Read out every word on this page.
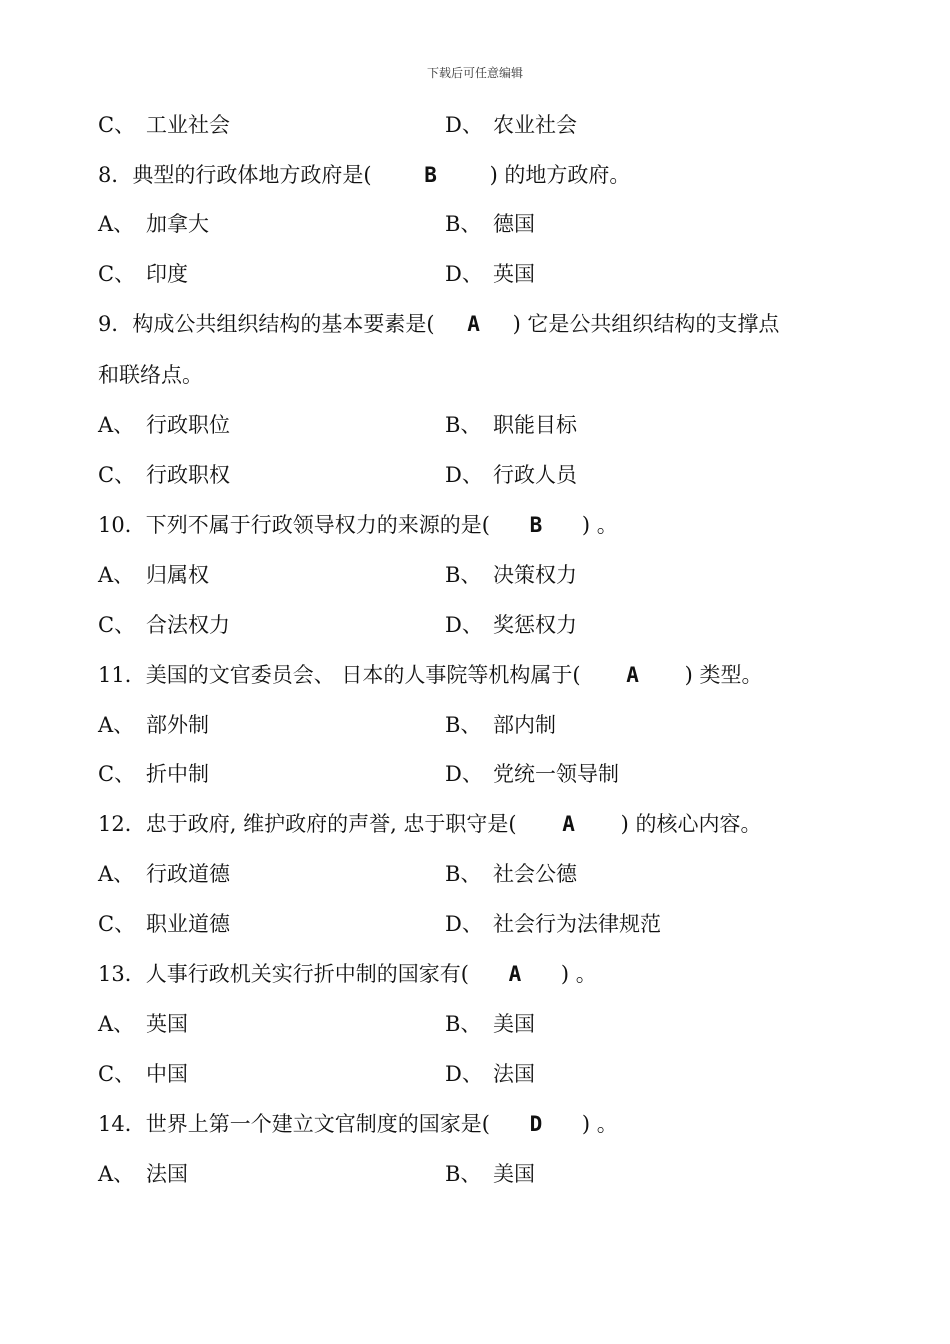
下载后可任意编辑
C、 工业社会	D、 农业社会
8．典型的行政体地方政府是(	B	) 的地方政府。
A、 加拿大	B、 德国
C、 印度	D、 英国
9．构成公共组织结构的基本要素是( A ) 它是公共组织结构的支撑点
和联络点。
A、 行政职位	B、 职能目标
C、 行政职权	D、 行政人员
10．下列不属于行政领导权力的来源的是( B ) 。
A、 归属权	B、 决策权力
C、 合法权力	D、 奖惩权力
11．美国的文官委员会、 日本的人事院等机构属于( A ) 类型。
A、 部外制	B、 部内制
C、 折中制	D、 党统一领导制
12．忠于政府, 维护政府的声誉, 忠于职守是( A ) 的核心内容。
A、 行政道德	B、 社会公德
C、 职业道德	D、 社会行为法律规范
13．人事行政机关实行折中制的国家有( A ) 。
A、 英国	B、 美国
C、 中国	D、 法国
14．世界上第一个建立文官制度的国家是( D ) 。
A、 法国	B、 美国
